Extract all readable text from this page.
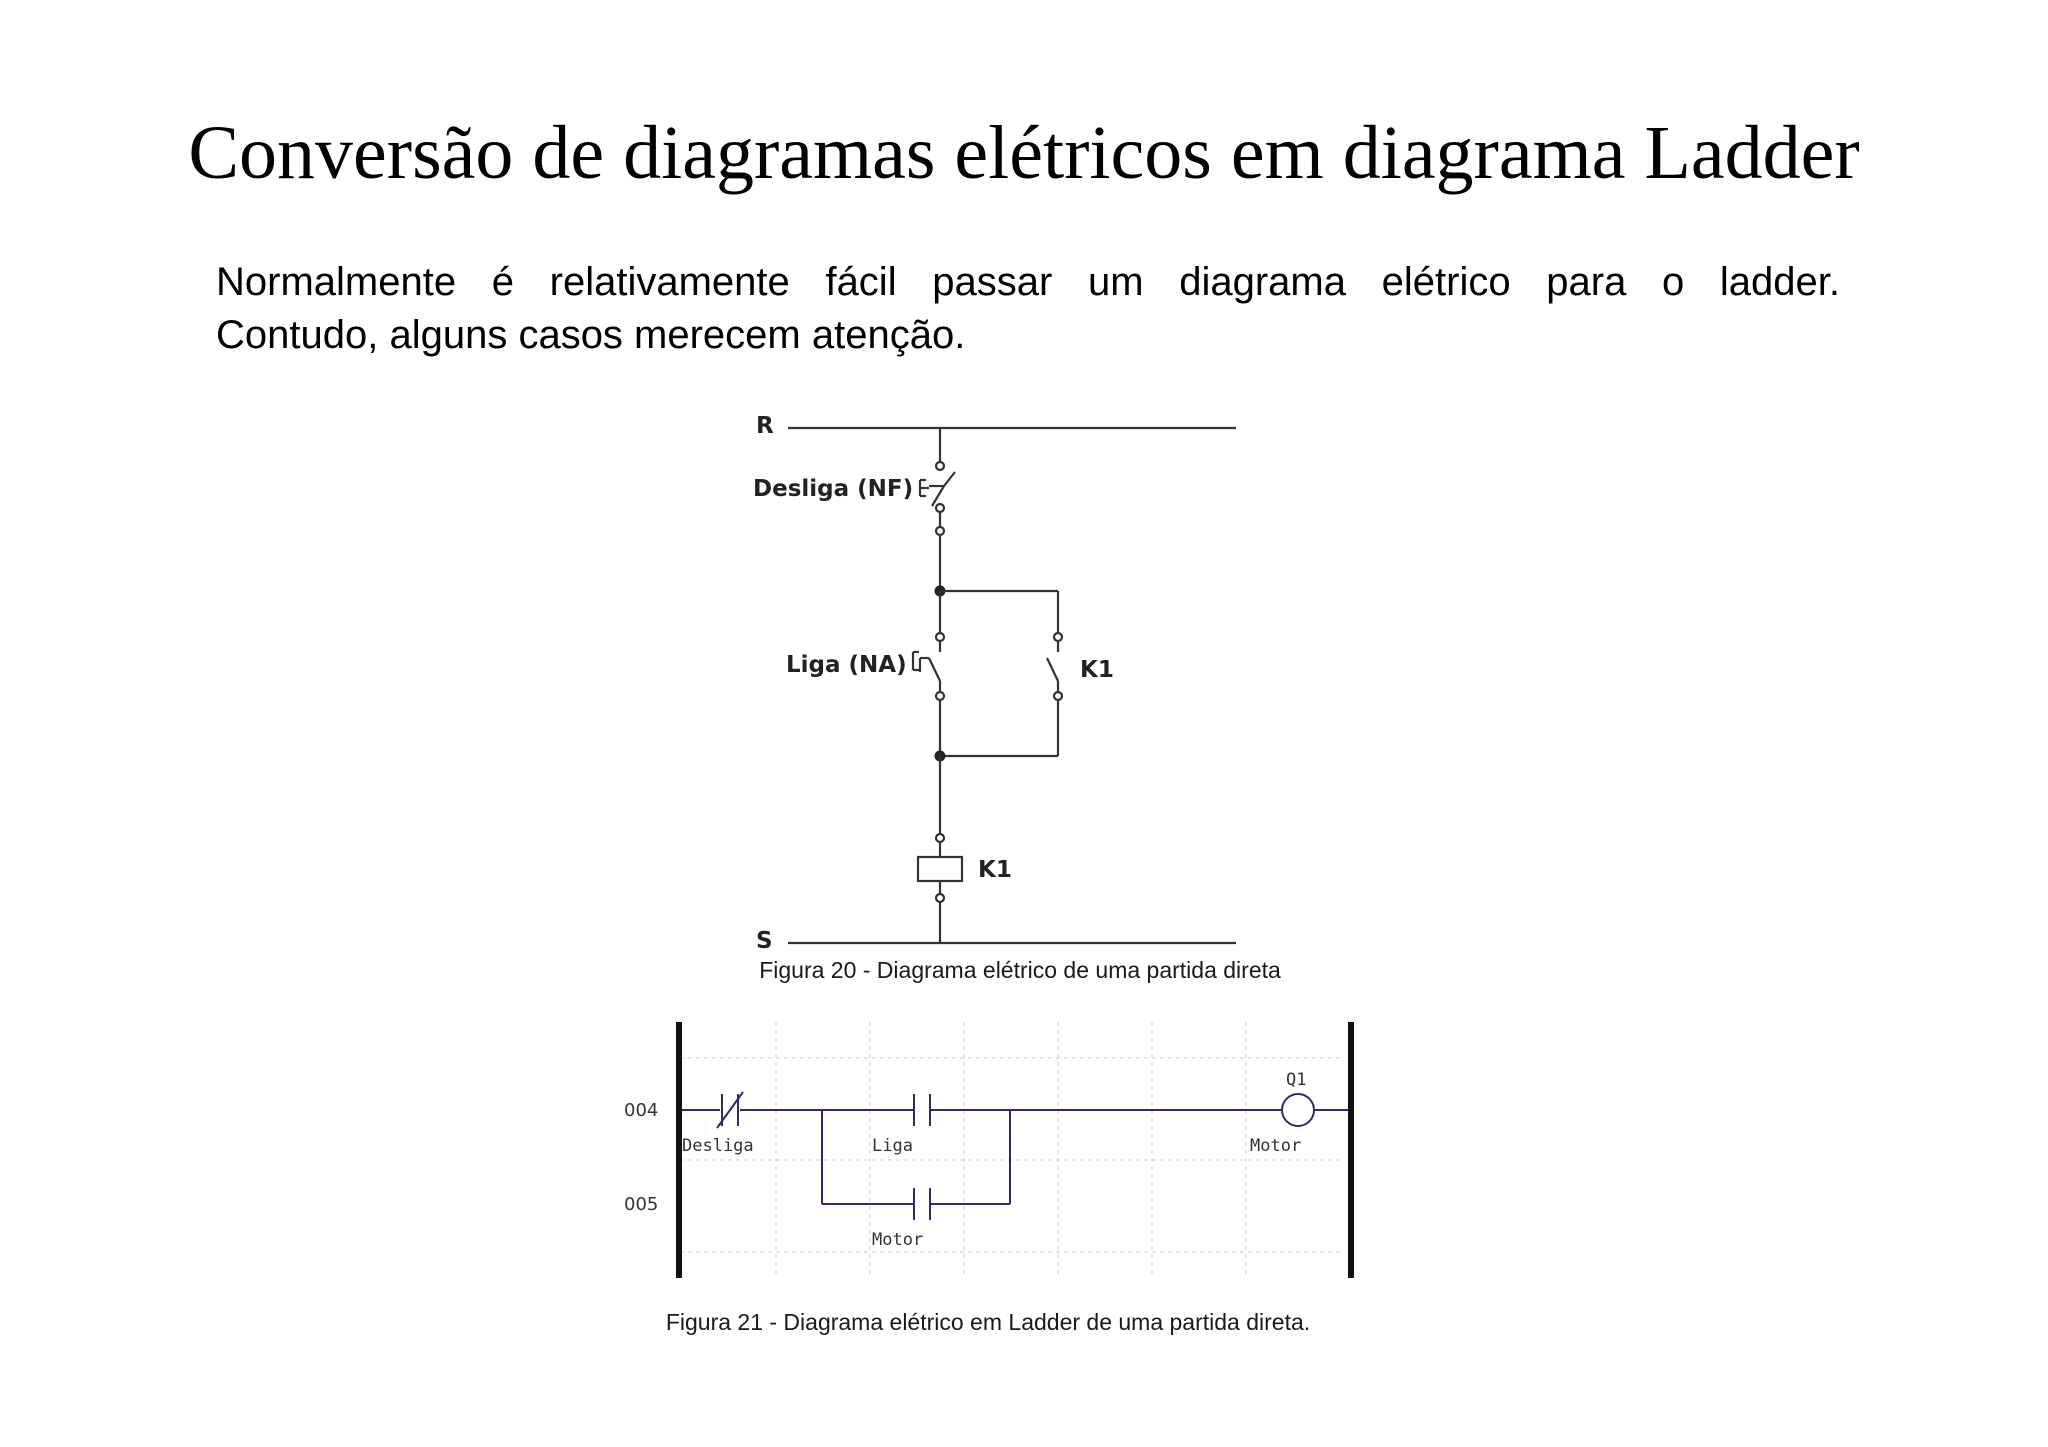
Conversão de diagramas elétricos em diagrama Ladder
Normalmente é relativamente fácil passar um diagrama elétrico para o ladder.
Contudo, alguns casos merecem atenção.
R
S
Desliga (NF)
Liga (NA)	K1
K1
Figura 20 - Diagrama elétrico de uma partida direta
004
005
Desliga	Liga
Q1
Motor
Motor
Figura 21 - Diagrama elétrico em Ladder de uma partida direta.
